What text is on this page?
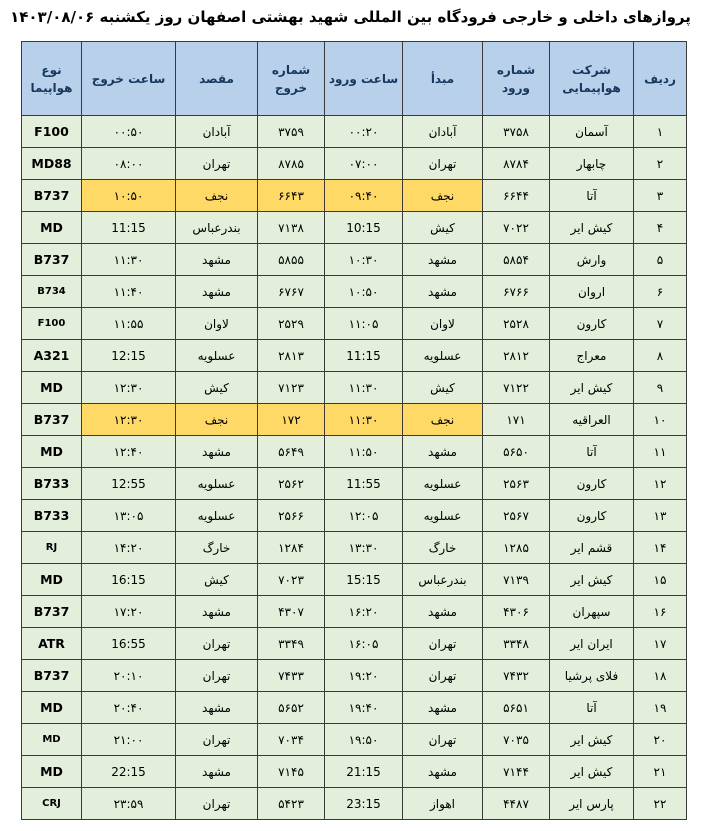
پروازهای داخلی و خارجی فرودگاه بین المللی شهید بهشتی اصفهان روز یکشنبه ۱۴۰۳/۰۸/۰۶
ردیف	شرکت هواپیمایی	شماره ورود	مبدأ	ساعت ورود	شماره خروج	مقصد	ساعت خروج	نوع هواپیما
۱	آسمان	۳۷۵۸	آبادان	۰۰:۲۰	۳۷۵۹	آبادان	۰۰:۵۰	F100
۲	چابهار	۸۷۸۴	تهران	۰۷:۰۰	۸۷۸۵	تهران	۰۸:۰۰	MD88
۳	آتا	۶۶۴۴	نجف	۰۹:۴۰	۶۶۴۳	نجف	۱۰:۵۰	B737
۴	کیش ایر	۷۰۲۲	کیش	10:15	۷۱۳۸	بندرعباس	11:15	MD
۵	وارش	۵۸۵۴	مشهد	۱۰:۳۰	۵۸۵۵	مشهد	۱۱:۳۰	B737
۶	اروان	۶۷۶۶	مشهد	۱۰:۵۰	۶۷۶۷	مشهد	۱۱:۴۰	B734
۷	کارون	۲۵۲۸	لاوان	۱۱:۰۵	۲۵۲۹	لاوان	۱۱:۵۵	F100
۸	معراج	۲۸۱۲	عسلویه	11:15	۲۸۱۳	عسلویه	12:15	A321
۹	کیش ایر	۷۱۲۲	کیش	۱۱:۳۰	۷۱۲۳	کیش	۱۲:۳۰	MD
۱۰	العراقیه	۱۷۱	نجف	۱۱:۳۰	۱۷۲	نجف	۱۲:۳۰	B737
۱۱	آتا	۵۶۵۰	مشهد	۱۱:۵۰	۵۶۴۹	مشهد	۱۲:۴۰	MD
۱۲	کارون	۲۵۶۳	عسلویه	11:55	۲۵۶۲	عسلویه	12:55	B733
۱۳	کارون	۲۵۶۷	عسلویه	۱۲:۰۵	۲۵۶۶	عسلویه	۱۳:۰۵	B733
۱۴	قشم ایر	۱۲۸۵	خارگ	۱۳:۳۰	۱۲۸۴	خارگ	۱۴:۲۰	RJ
۱۵	کیش ایر	۷۱۳۹	بندرعباس	15:15	۷۰۲۳	کیش	16:15	MD
۱۶	سپهران	۴۳۰۶	مشهد	۱۶:۲۰	۴۳۰۷	مشهد	۱۷:۲۰	B737
۱۷	ایران ایر	۳۳۴۸	تهران	۱۶:۰۵	۳۳۴۹	تهران	16:55	ATR
۱۸	فلای پرشیا	۷۴۳۲	تهران	۱۹:۲۰	۷۴۳۳	تهران	۲۰:۱۰	B737
۱۹	آتا	۵۶۵۱	مشهد	۱۹:۴۰	۵۶۵۲	مشهد	۲۰:۴۰	MD
۲۰	کیش ایر	۷۰۳۵	تهران	۱۹:۵۰	۷۰۳۴	تهران	۲۱:۰۰	MD
۲۱	کیش ایر	۷۱۴۴	مشهد	21:15	۷۱۴۵	مشهد	22:15	MD
۲۲	پارس ایر	۴۴۸۷	اهواز	23:15	۵۴۲۳	تهران	۲۳:۵۹	CRJ
